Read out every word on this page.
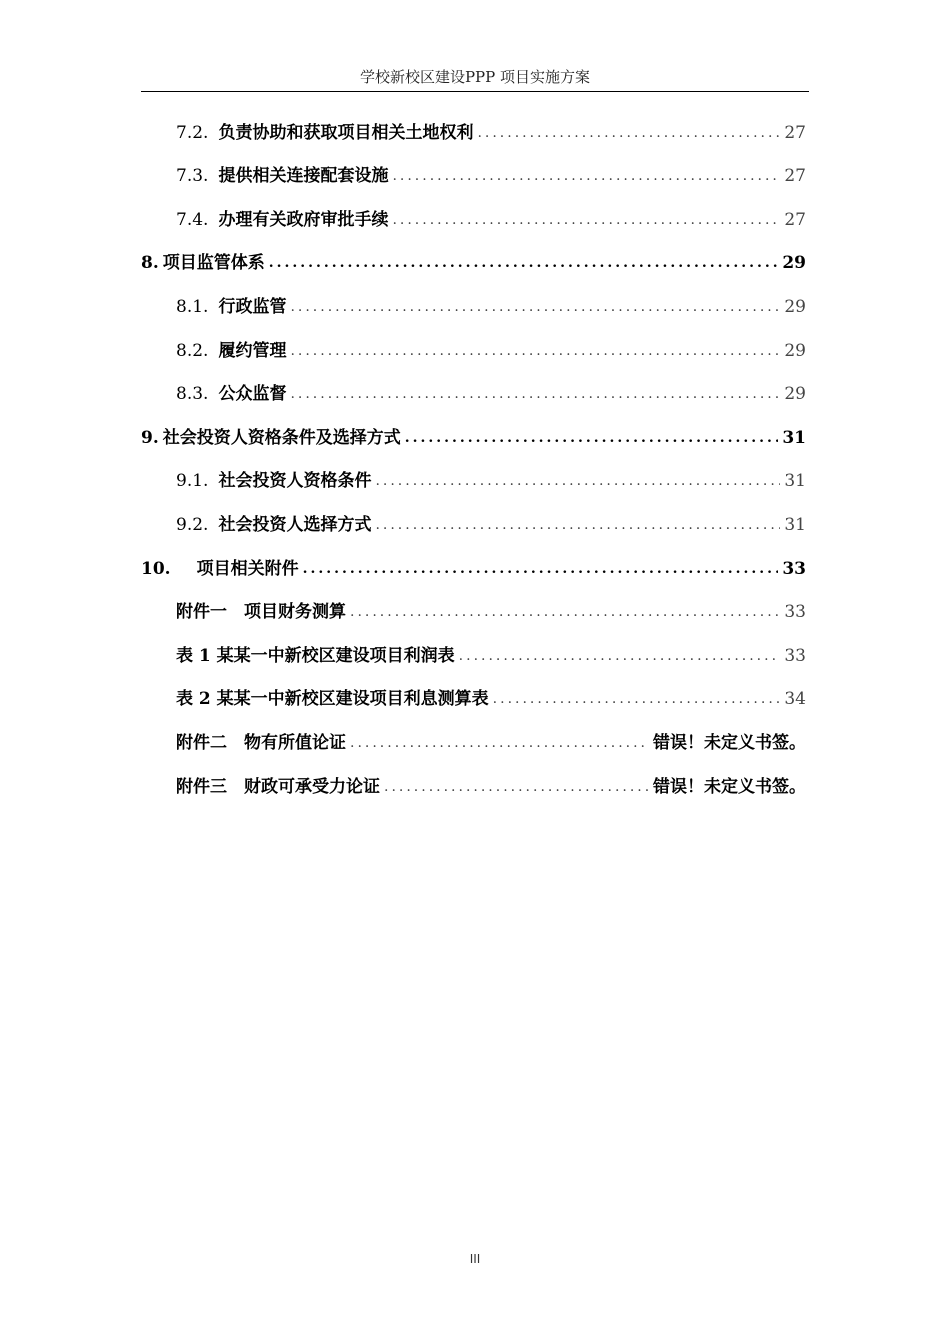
学校新校区建设PPP 项目实施方案
7.2. 负责协助和获取项目相关土地权利 .....	27
7.3. 提供相关连接配套设施 .....	27
7.4. 办理有关政府审批手续 .....	27
8. 项目监管体系 .....	29
8.1. 行政监管 .....	29
8.2. 履约管理 .....	29
8.3. 公众监督 .....	29
9. 社会投资人资格条件及选择方式 .....	31
9.1. 社会投资人资格条件 .....	31
9.2. 社会投资人选择方式 .....	31
10. 项目相关附件 .....	33
附件一　项目财务测算 .....	33
表 1 某某一中新校区建设项目利润表 .....	33
表 2 某某一中新校区建设项目利息测算表 .....	34
附件二　物有所值论证 .....	错误！未定义书签。
附件三　财政可承受力论证 .....	错误！未定义书签。
III
